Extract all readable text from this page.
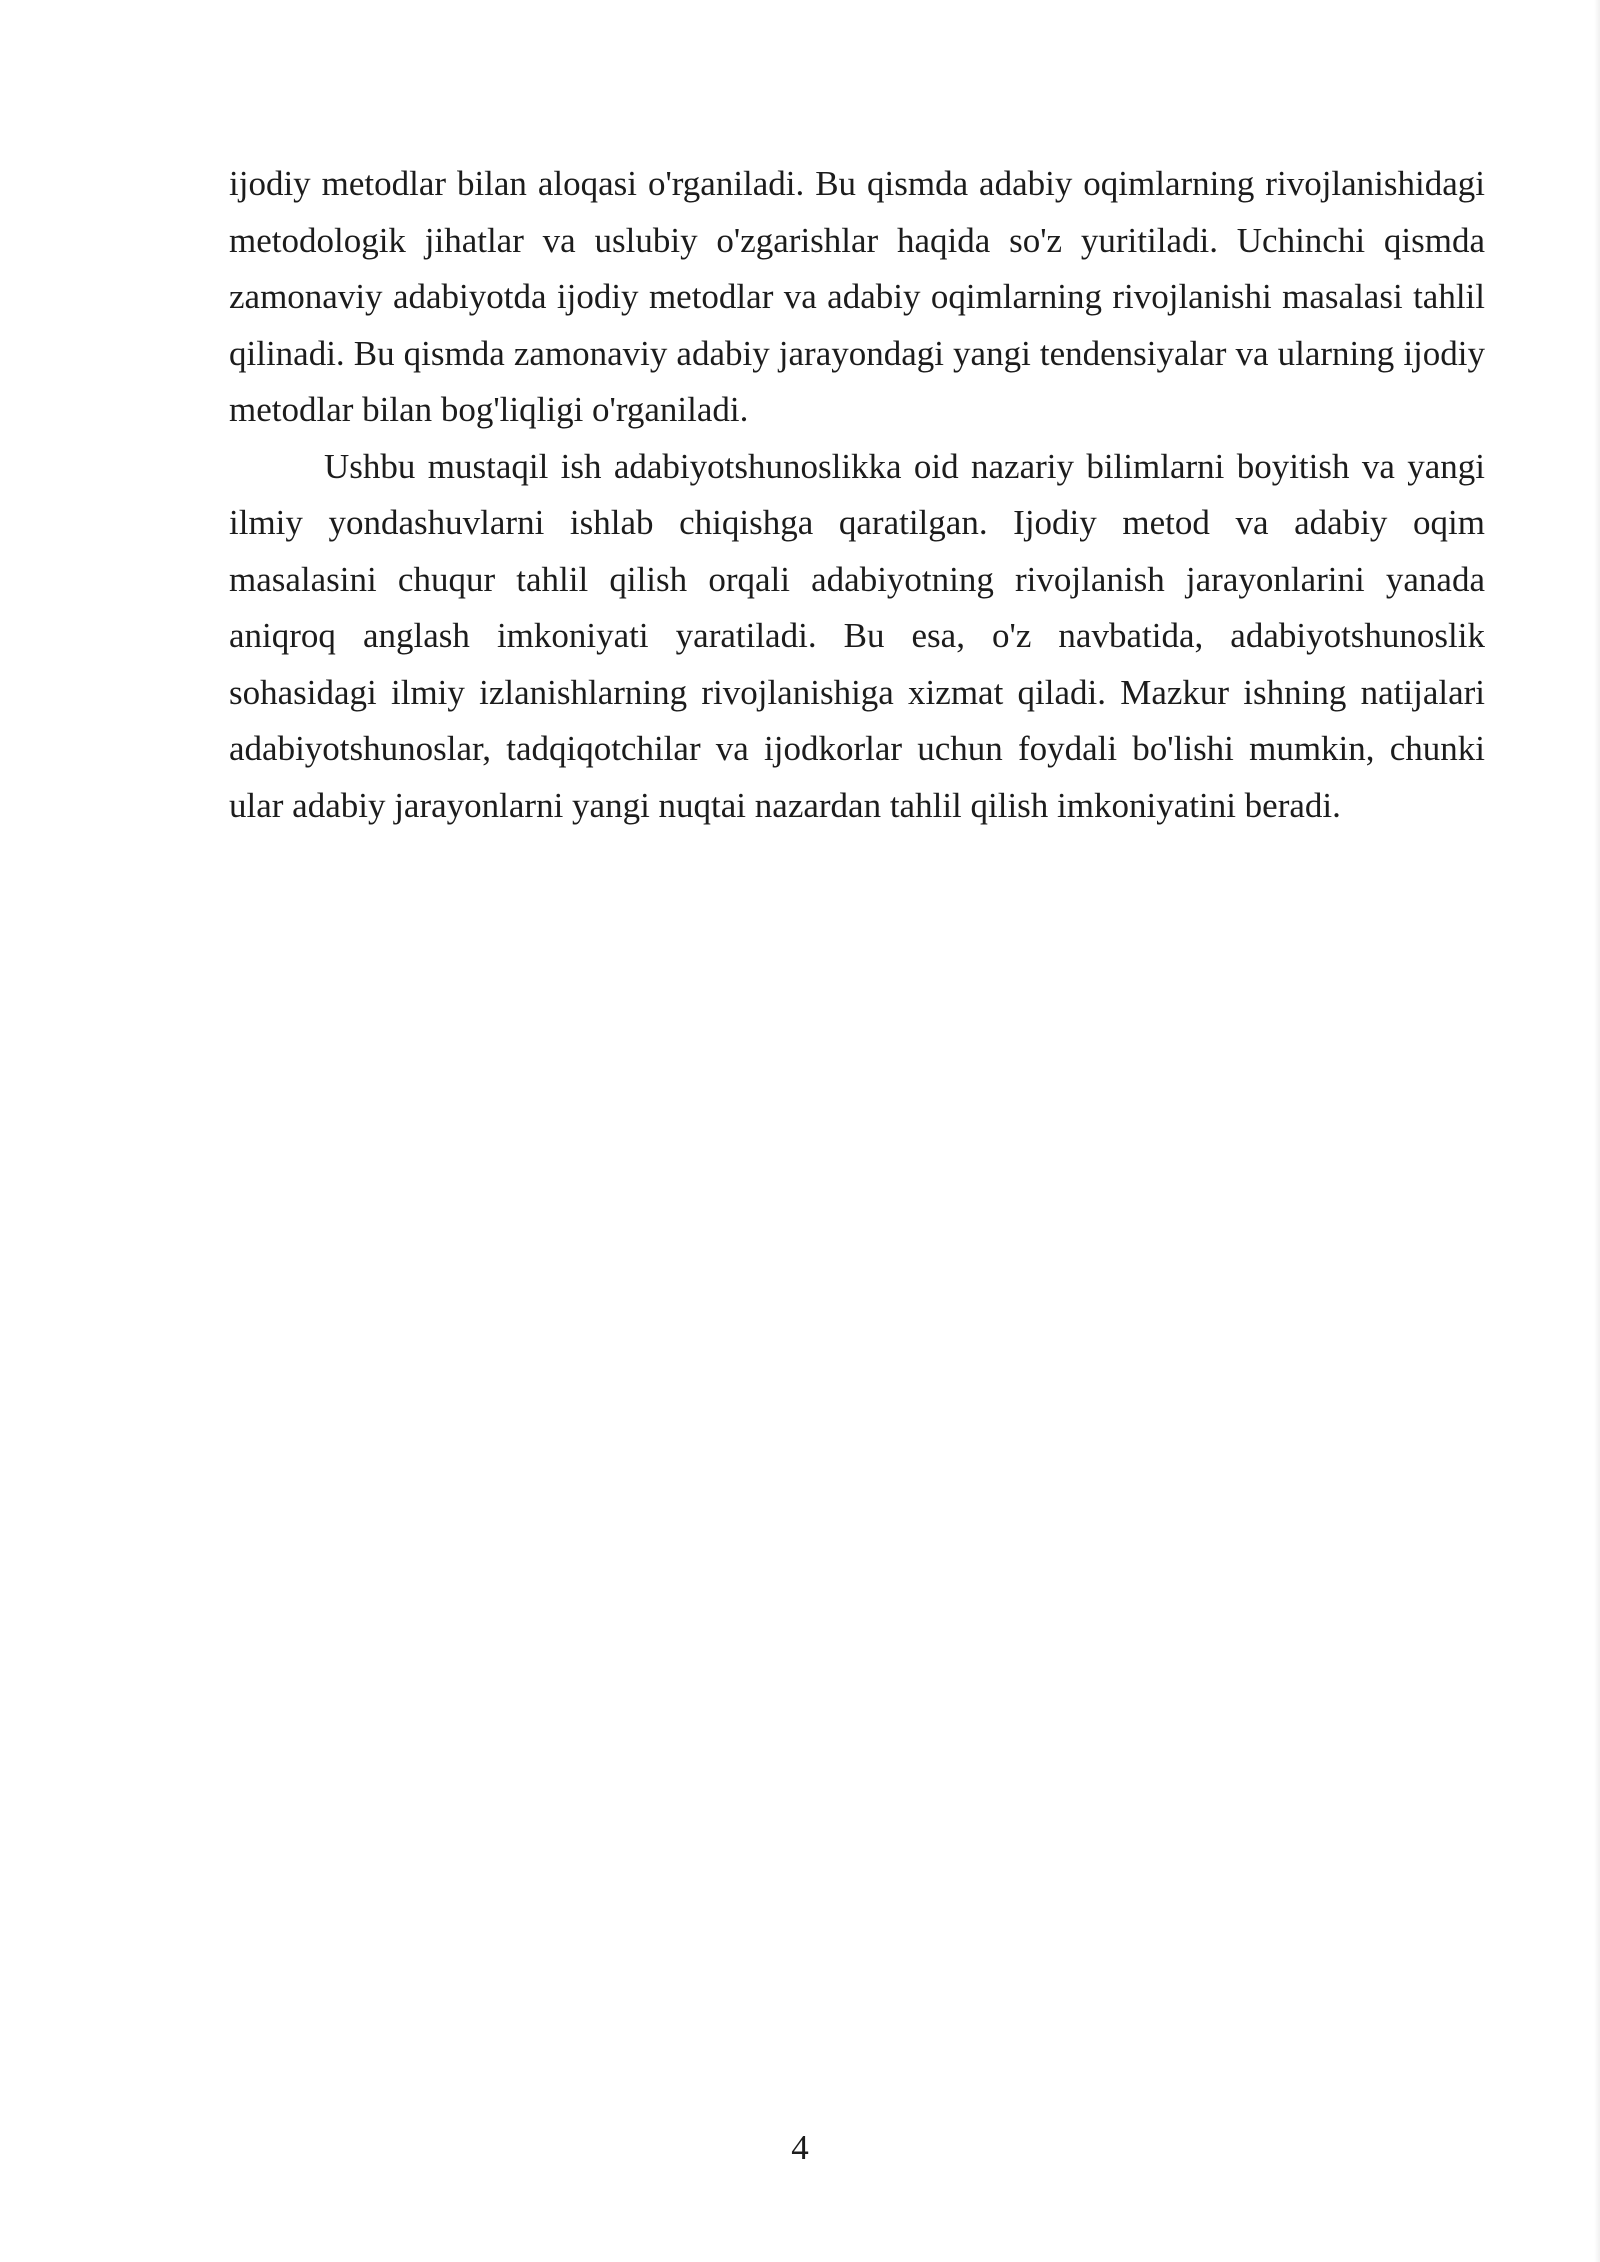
ijodiy metodlar bilan aloqasi o'rganiladi. Bu qismda adabiy oqimlarning rivojlanishidagi metodologik jihatlar va uslubiy o'zgarishlar haqida so'z yuritiladi. Uchinchi qismda zamonaviy adabiyotda ijodiy metodlar va adabiy oqimlarning rivojlanishi masalasi tahlil qilinadi. Bu qismda zamonaviy adabiy jarayondagi yangi tendensiyalar va ularning ijodiy metodlar bilan bog'liqligi o'rganiladi.

Ushbu mustaqil ish adabiyotshunoslikka oid nazariy bilimlarni boyitish va yangi ilmiy yondashuvlarni ishlab chiqishga qaratilgan. Ijodiy metod va adabiy oqim masalasini chuqur tahlil qilish orqali adabiyotning rivojlanish jarayonlarini yanada aniqroq anglash imkoniyati yaratiladi. Bu esa, o'z navbatida, adabiyotshunoslik sohasidagi ilmiy izlanishlarning rivojlanishiga xizmat qiladi. Mazkur ishning natijalari adabiyotshunoslar, tadqiqotchilar va ijodkorlar uchun foydali bo'lishi mumkin, chunki ular adabiy jarayonlarni yangi nuqtai nazardan tahlil qilish imkoniyatini beradi.

4
